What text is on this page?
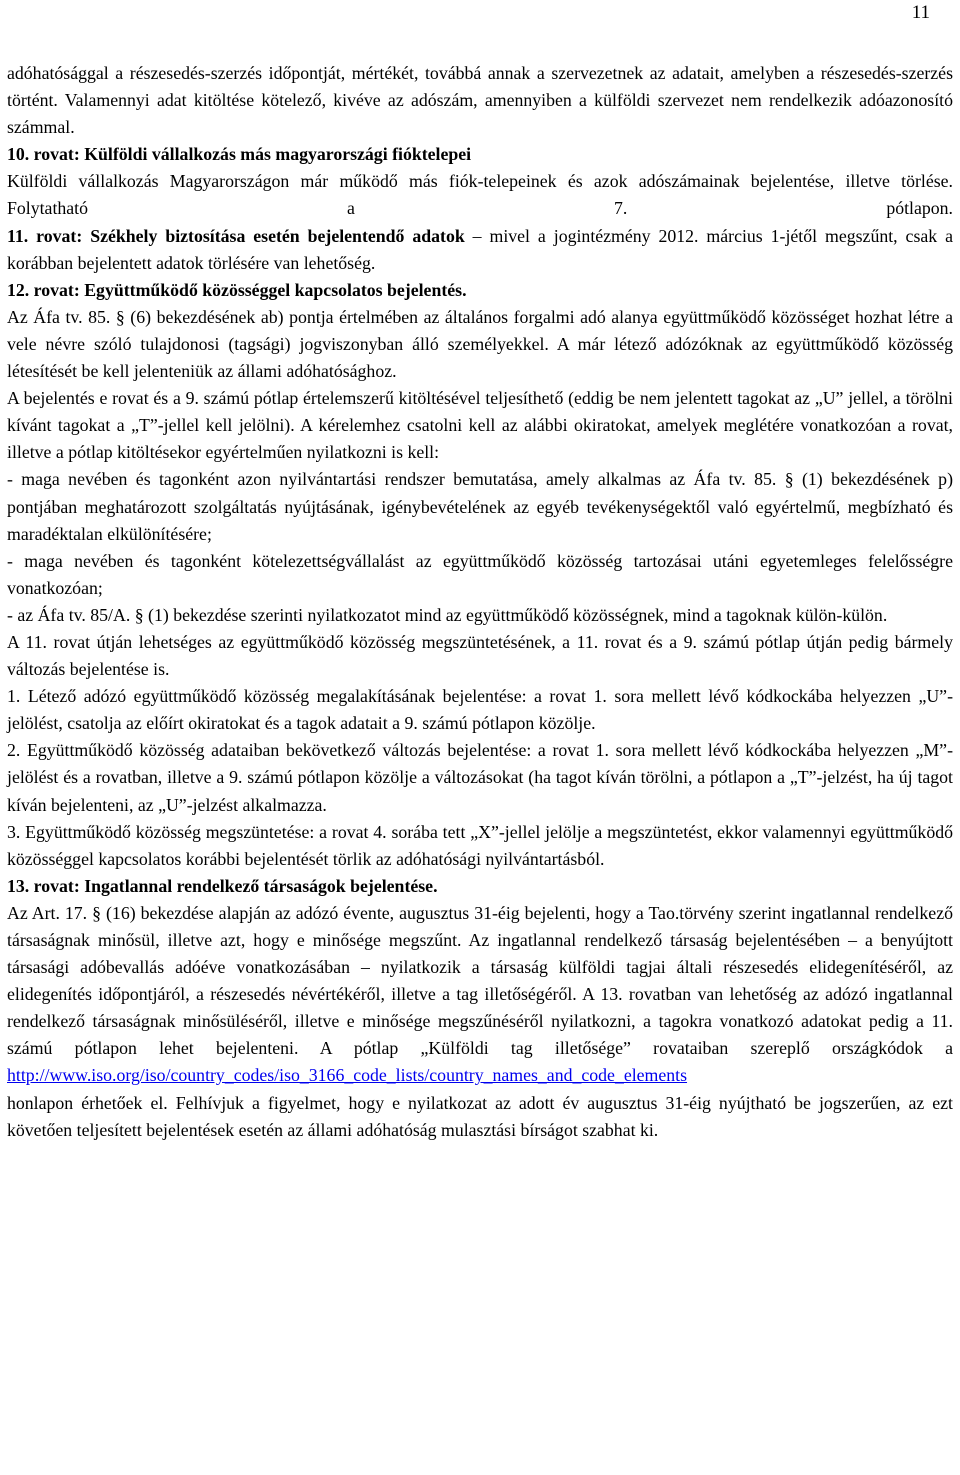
11

adóhatósággal a részesedés-szerzés időpontját, mértékét, továbbá annak a szervezetnek az adatait, amelyben a részesedés-szerzés történt. Valamennyi adat kitöltése kötelező, kivéve az adószám, amennyiben a külföldi szervezet nem rendelkezik adóazonosító számmal.

10. rovat: Külföldi vállalkozás más magyarországi fióktelepei

Külföldi vállalkozás Magyarországon már működő más fiók-telepeinek és azok adószámainak bejelentése, illetve törlése. Folytatható a 7. pótlapon.

11. rovat: Székhely biztosítása esetén bejelentendő adatok – mivel a jogintézmény 2012. március 1-jétől megszűnt, csak a korábban bejelentett adatok törlésére van lehetőség.

12. rovat: Együttműködő közösséggel kapcsolatos bejelentés.

Az Áfa tv. 85. § (6) bekezdésének ab) pontja értelmében az általános forgalmi adó alanya együttműködő közösséget hozhat létre a vele névre szóló tulajdonosi (tagsági) jogviszonyban álló személyekkel. A már létező adózóknak az együttműködő közösség létesítését be kell jelenteniük az állami adóhatósághoz.

A bejelentés e rovat és a 9. számú pótlap értelemszerű kitöltésével teljesíthető (eddig be nem jelentett tagokat az „U” jellel, a törölni kívánt tagokat a „T”-jellel kell jelölni). A kérelemhez csatolni kell az alábbi okiratokat, amelyek meglétére vonatkozóan a rovat, illetve a pótlap kitöltésekor egyértelműen nyilatkozni is kell:

- maga nevében és tagonként azon nyilvántartási rendszer bemutatása, amely alkalmas az Áfa tv. 85. § (1) bekezdésének p) pontjában meghatározott szolgáltatás nyújtásának, igénybevételének az egyéb tevékenységektől való egyértelmű, megbízható és maradéktalan elkülönítésére;

- maga nevében és tagonként kötelezettségvállalást az együttműködő közösség tartozásai utáni egyetemleges felelősségre vonatkozóan;

- az Áfa tv. 85/A. § (1) bekezdése szerinti nyilatkozatot mind az együttműködő közösségnek, mind a tagoknak külön-külön.

A 11. rovat útján lehetséges az együttműködő közösség megszüntetésének, a 11. rovat és a 9. számú pótlap útján pedig bármely változás bejelentése is.

1. Létező adózó együttműködő közösség megalakításának bejelentése: a rovat 1. sora mellett lévő kódkockába helyezzen „U”-jelölést, csatolja az előírt okiratokat és a tagok adatait a 9. számú pótlapon közölje.

2. Együttműködő közösség adataiban bekövetkező változás bejelentése: a rovat 1. sora mellett lévő kódkockába helyezzen „M”-jelölést és a rovatban, illetve a 9. számú pótlapon közölje a változásokat (ha tagot kíván törölni, a pótlapon a „T”-jelzést, ha új tagot kíván bejelenteni, az „U”-jelzést alkalmazza.

3. Együttműködő közösség megszüntetése: a rovat 4. sorába tett „X”-jellel jelölje a megszüntetést, ekkor valamennyi együttműködő közösséggel kapcsolatos korábbi bejelentését törlik az adóhatósági nyilvántartásból.

13. rovat: Ingatlannal rendelkező társaságok bejelentése.

Az Art. 17. § (16) bekezdése alapján az adózó évente, augusztus 31-éig bejelenti, hogy a Tao.törvény szerint ingatlannal rendelkező társaságnak minősül, illetve azt, hogy e minősége megszűnt. Az ingatlannal rendelkező társaság bejelentésében – a benyújtott társasági adóbevallás adóéve vonatkozásában – nyilatkozik a társaság külföldi tagjai általi részesedés elidegenítéséről, az elidegenítés időpontjáról, a részesedés névértékéről, illetve a tag illetőségéről. A 13. rovatban van lehetőség az adózó ingatlannal rendelkező társaságnak minősüléséről, illetve e minősége megszűnéséről nyilatkozni, a tagokra vonatkozó adatokat pedig a 11. számú pótlapon lehet bejelenteni. A pótlap „Külföldi tag illetősége” rovataiban szereplő országkódok a

http://www.iso.org/iso/country_codes/iso_3166_code_lists/country_names_and_code_elements

honlapon érhetőek el. Felhívjuk a figyelmet, hogy e nyilatkozat az adott év augusztus 31-éig nyújtható be jogszerűen, az ezt követően teljesített bejelentések esetén az állami adóhatóság mulasztási bírságot szabhat ki.
